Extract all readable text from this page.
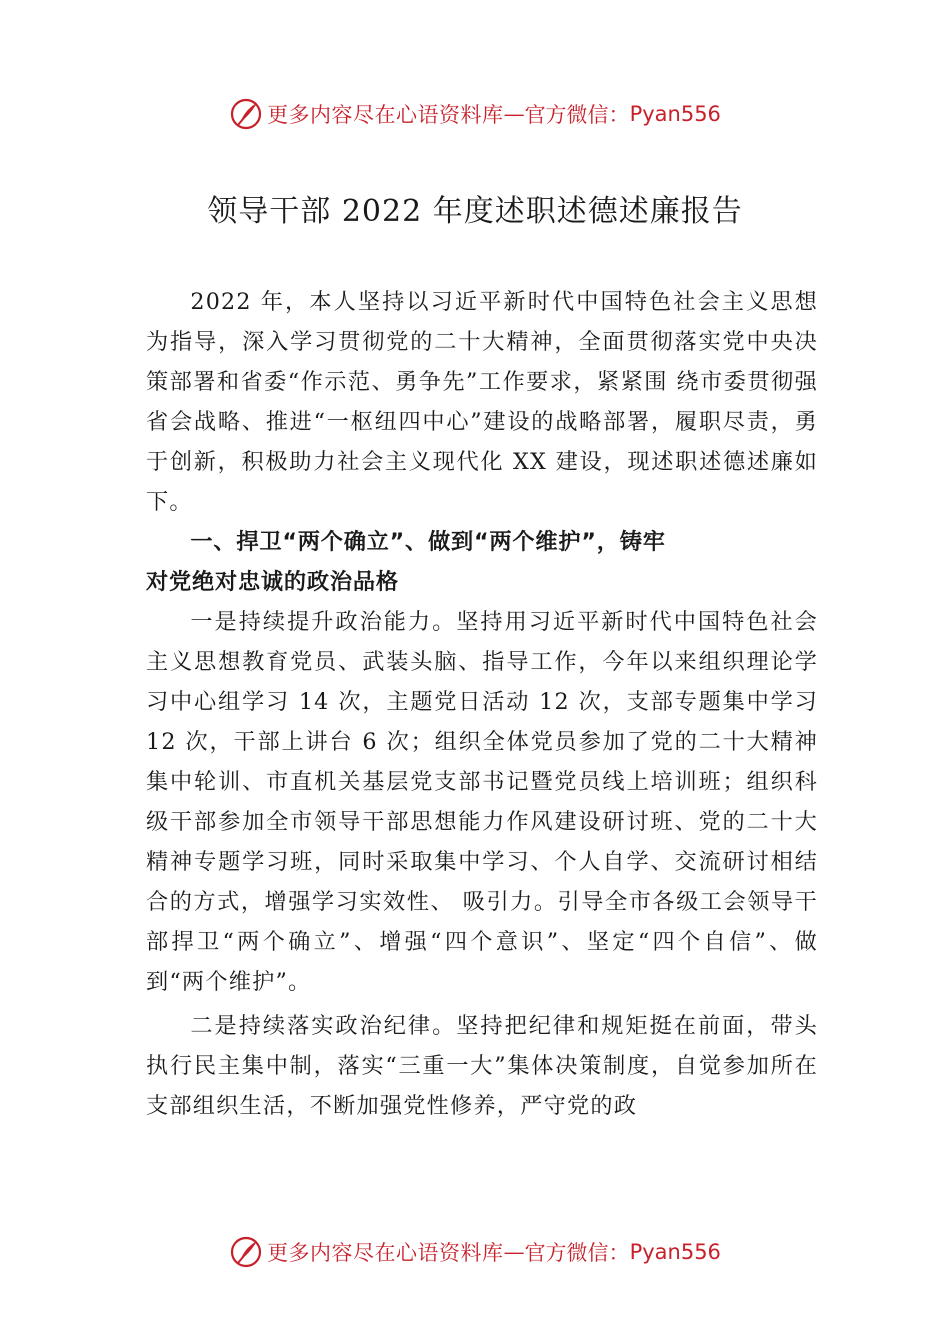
更多内容尽在心语资料库 — 官方微信： Pyan556
领导干部 2022 年度述职述德述廉报告

2022 年，本人坚持以习近平新时代中国特色社会主义思想为指导，深入学习贯彻党的二十大精神，全面贯彻落实党中央决策部署和省委“作示范、勇争先”工作要求，紧紧围 绕市委贯彻强省会战略、推进“一枢纽四中心”建设的战略部署，履职尽责，勇于创新，积极助力社会主义现代化 XX 建设，现述职述德述廉如下。

一、捍卫“两个确立”、做到“两个维护”，铸牢
对党绝对忠诚的政治品格

一是持续提升政治能力。坚持用习近平新时代中国特色社会主义思想教育党员、武装头脑、指导工作，今年以来组织理论学习中心组学习 14 次，主题党日活动 12 次，支部专题集中学习 12 次，干部上讲台 6 次；组织全体党员参加了党的二十大精神集中轮训、市直机关基层党支部书记暨党员线上培训班；组织科级干部参加全市领导干部思想能力作风建设研讨班、党的二十大精神专题学习班，同时采取集中学习、个人自学、交流研讨相结合的方式，增强学习实效性、 吸引力。引导全市各级工会领导干部捍卫“两个确立”、增强“四个意识”、坚定“四个自信”、做到“两个维护”。

二是持续落实政治纪律。坚持把纪律和规矩挺在前面，带头执行民主集中制，落实“三重一大”集体决策制度，自觉参加所在支部组织生活，不断加强党性修养，严守党的政

更多内容尽在心语资料库 — 官方微信： Pyan556
